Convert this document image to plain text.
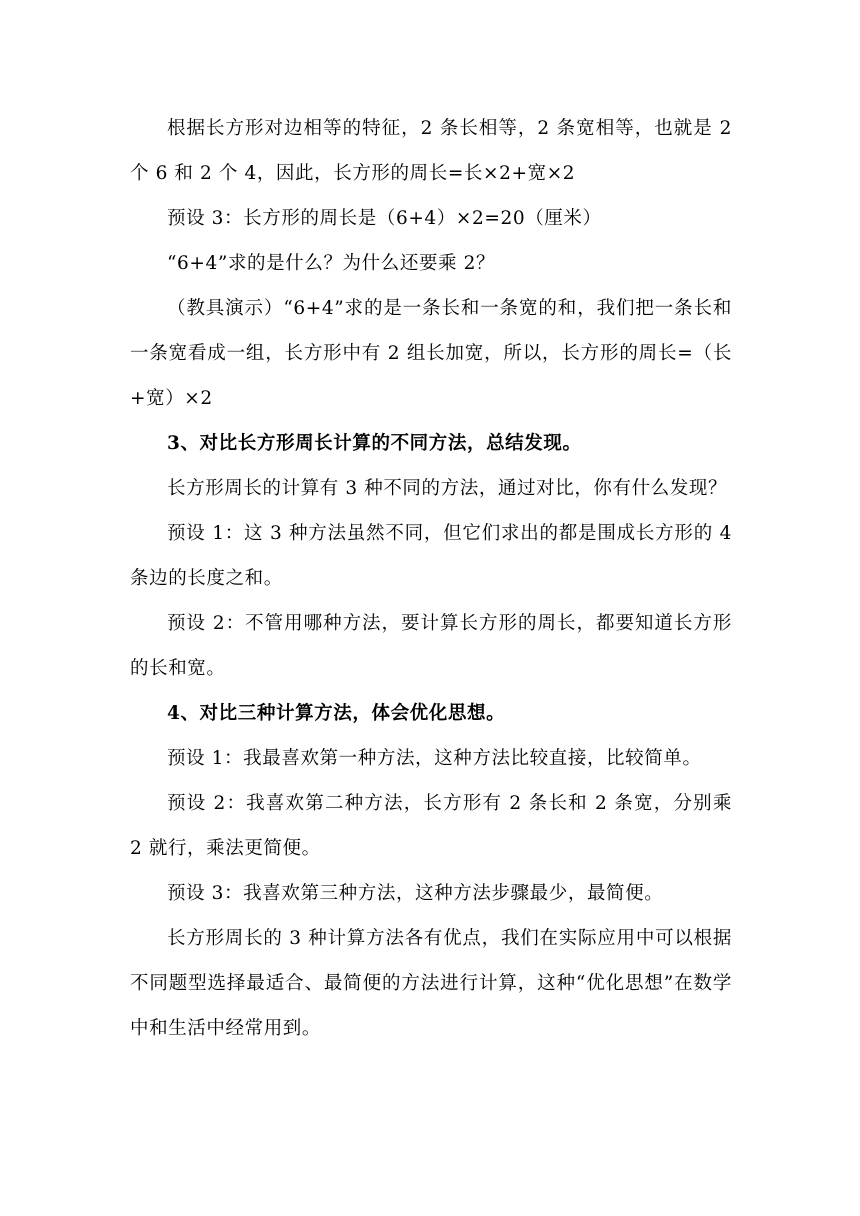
根据长方形对边相等的特征，2 条长相等，2 条宽相等，也就是 2 个 6 和 2 个 4，因此，长方形的周长=长×2+宽×2

预设 3：长方形的周长是（6+4）×2=20（厘米）

“6+4”求的是什么？为什么还要乘 2？

（教具演示）“6+4”求的是一条长和一条宽的和，我们把一条长和一条宽看成一组，长方形中有 2 组长加宽，所以，长方形的周长=（长+宽）×2

3、对比长方形周长计算的不同方法，总结发现。

长方形周长的计算有 3 种不同的方法，通过对比，你有什么发现？

预设 1：这 3 种方法虽然不同，但它们求出的都是围成长方形的 4 条边的长度之和。

预设 2：不管用哪种方法，要计算长方形的周长，都要知道长方形的长和宽。

4、对比三种计算方法，体会优化思想。

预设 1：我最喜欢第一种方法，这种方法比较直接，比较简单。

预设 2：我喜欢第二种方法，长方形有 2 条长和 2 条宽，分别乘 2 就行，乘法更简便。

预设 3：我喜欢第三种方法，这种方法步骤最少，最简便。

长方形周长的 3 种计算方法各有优点，我们在实际应用中可以根据不同题型选择最适合、最简便的方法进行计算，这种“优化思想”在数学中和生活中经常用到。
